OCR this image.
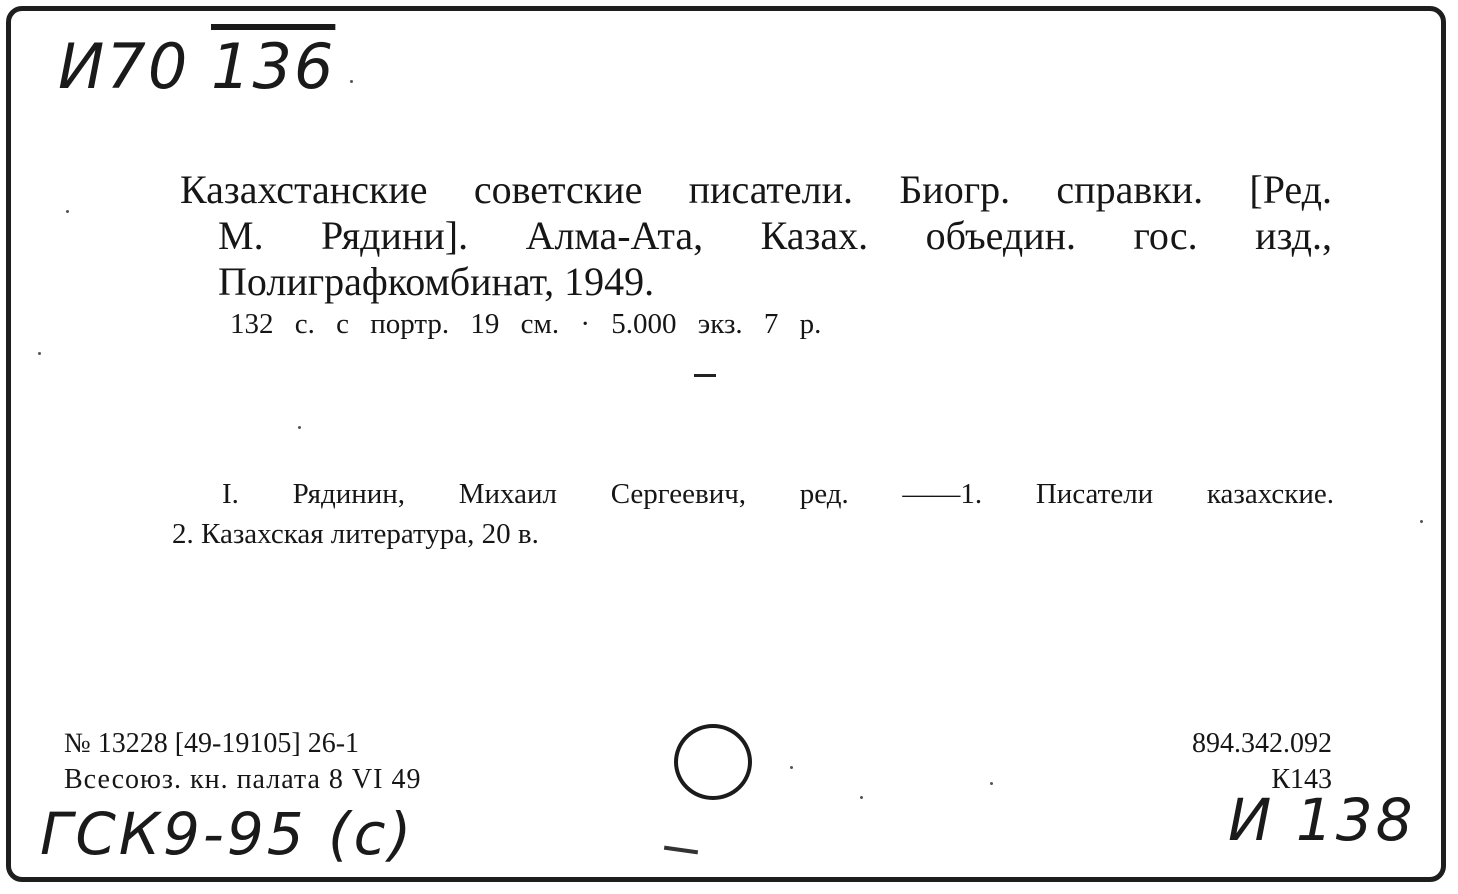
И70 136
Казахстанские советские писатели. Биогр. справки. [Ред.
М. Рядини]. Алма-Ата, Казах. объедин. гос. изд.,
Полиграфкомбинат, 1949.
132 с. с портр. 19 см. · 5.000 экз. 7 р.
I. Рядинин, Михаил Сергеевич, ред. ——1. Писатели казахские.
2. Казахская литература, 20 в.
№ 13228 [49-19105] 26-1
Всесоюз. кн. палата 8 VI 49
894.342.092
К143
ГСК9-95 (с)	И 138
